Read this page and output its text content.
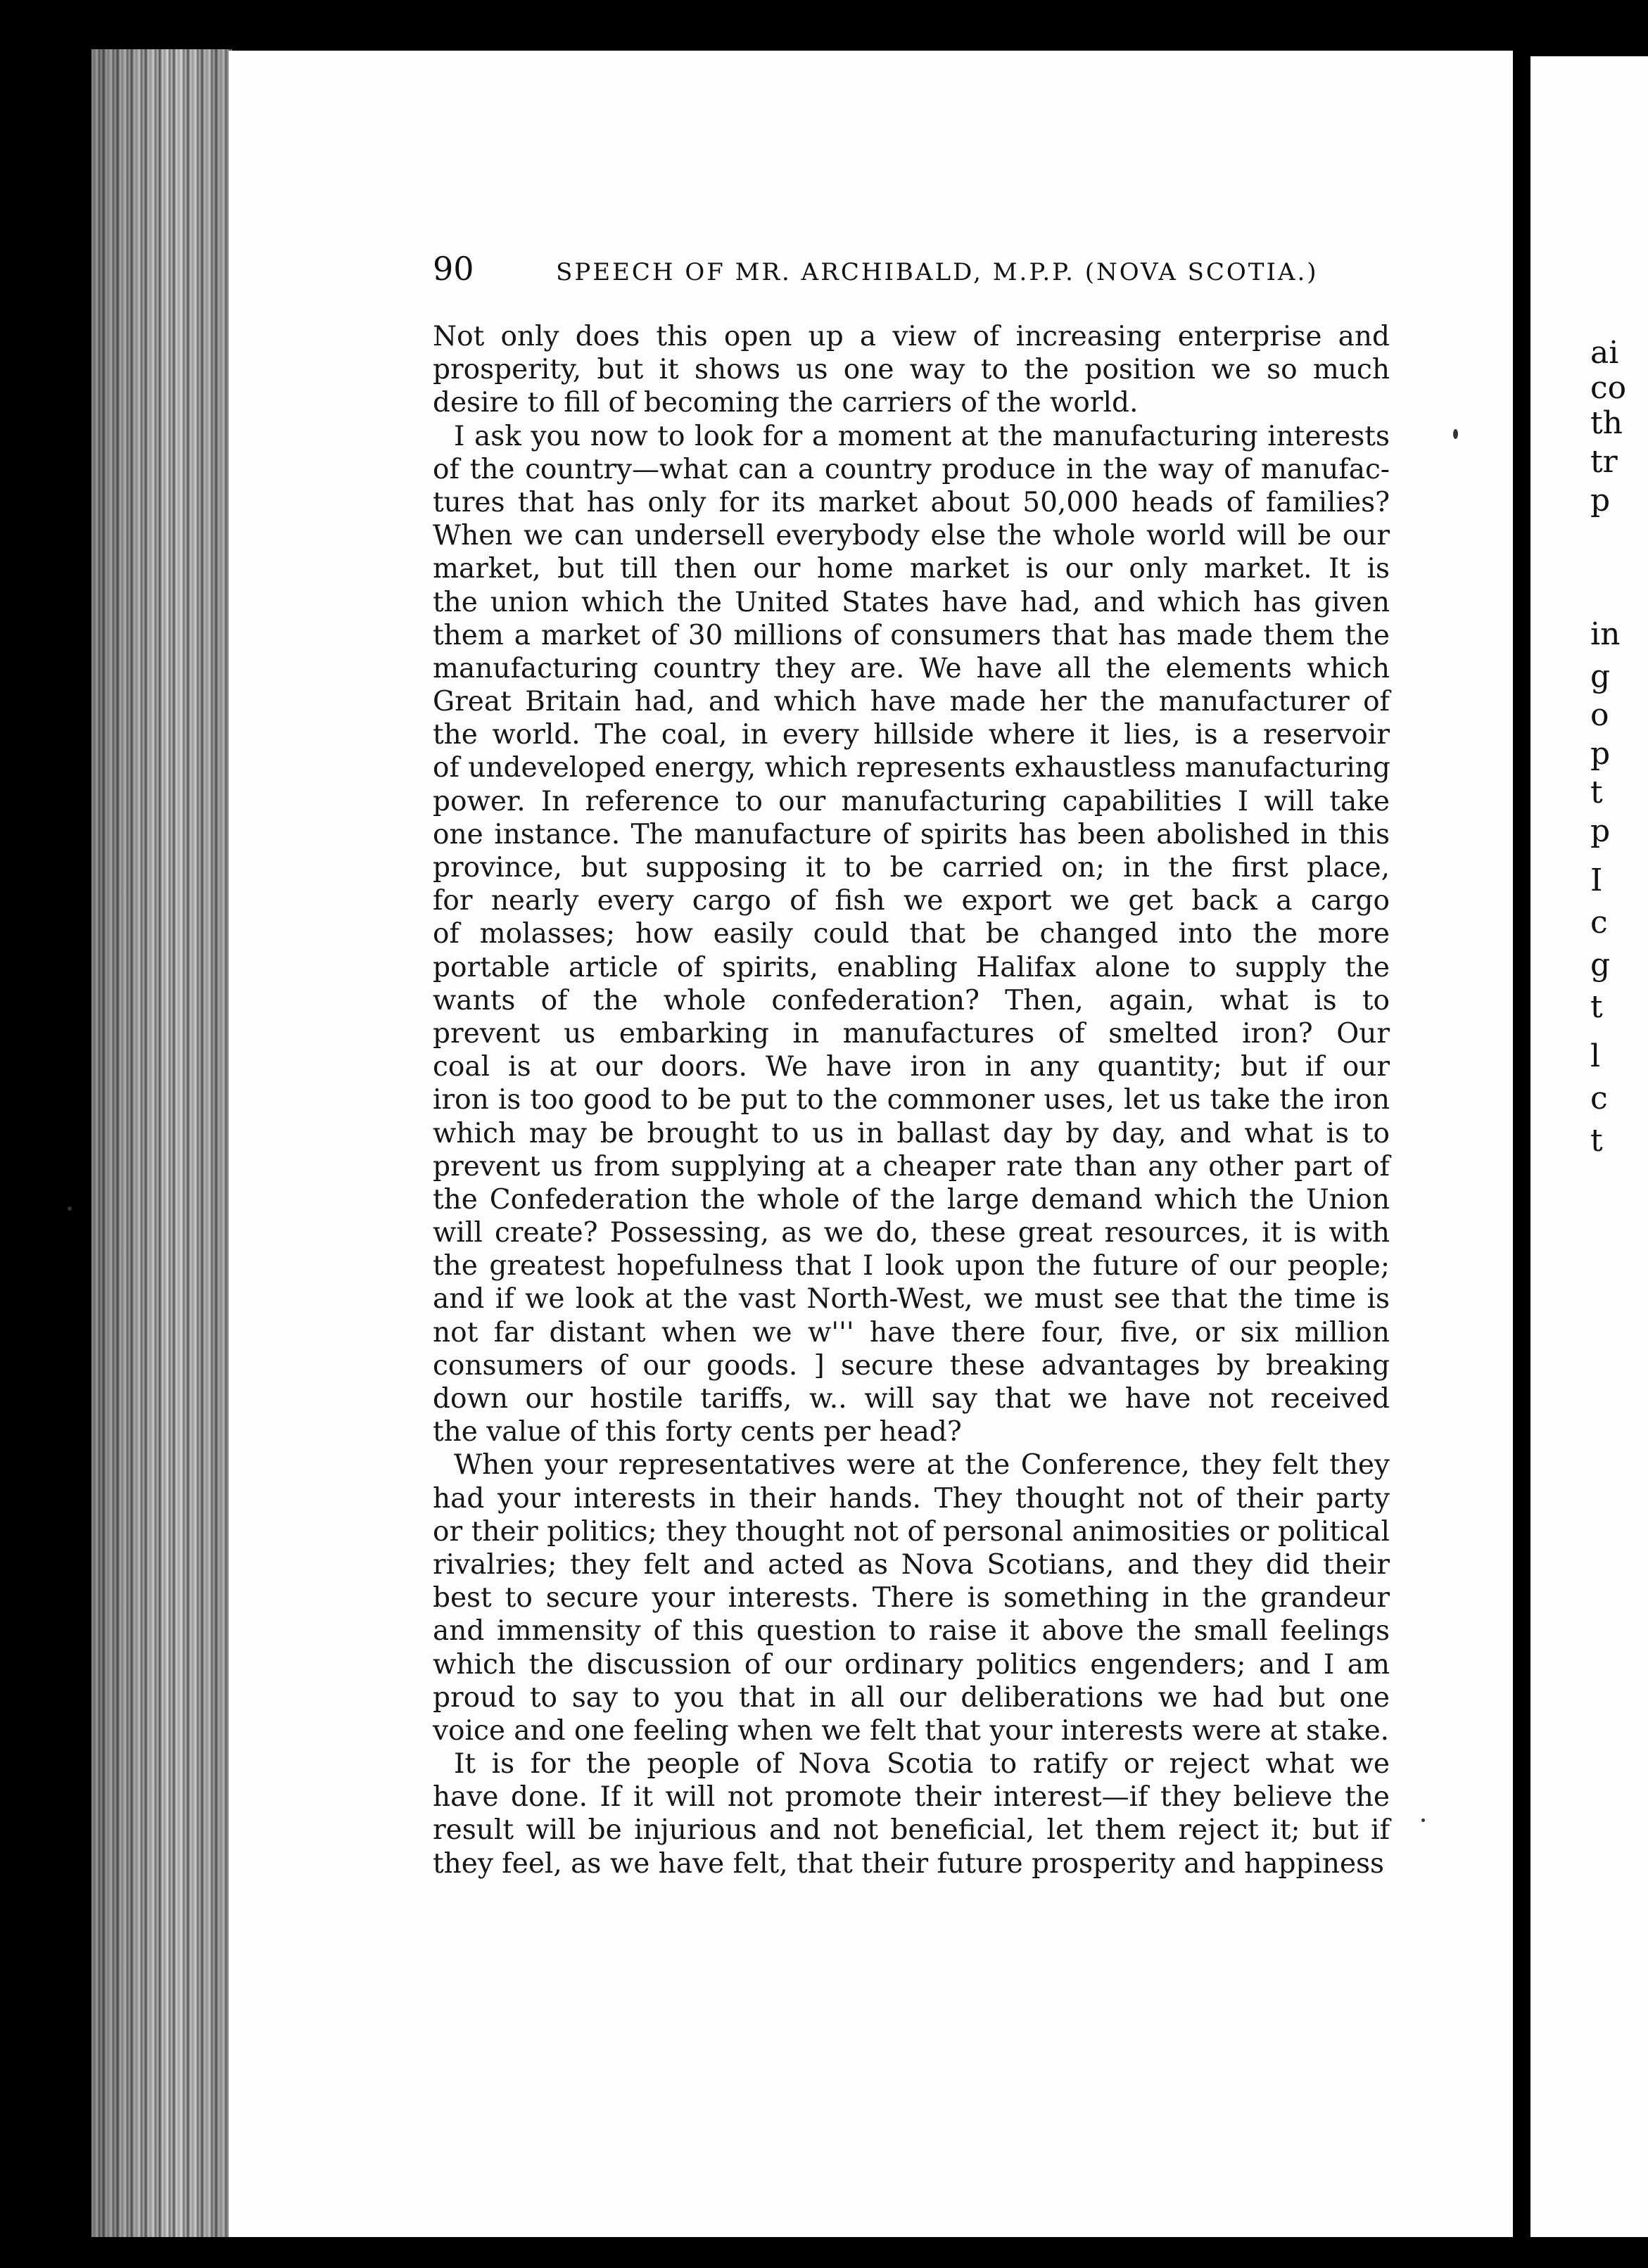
ai
co
th
tr
p
in
g
o
p
t
p
I
c
g
t
l
c
t
90	SPEECH OF MR. ARCHIBALD, M.P.P. (NOVA SCOTIA.)
Not only does this open up a view of increasing enterprise and
prosperity, but it shows us one way to the position we so much
desire to fill of becoming the carriers of the world.
I ask you now to look for a moment at the manufacturing interests
of the country—what can a country produce in the way of manufac-
tures that has only for its market about 50,000 heads of families?
When we can undersell everybody else the whole world will be our
market, but till then our home market is our only market. It is
the union which the United States have had, and which has given
them a market of 30 millions of consumers that has made them the
manufacturing country they are. We have all the elements which
Great Britain had, and which have made her the manufacturer of
the world. The coal, in every hillside where it lies, is a reservoir
of undeveloped energy, which represents exhaustless manufacturing
power. In reference to our manufacturing capabilities I will take
one instance. The manufacture of spirits has been abolished in this
province, but supposing it to be carried on; in the first place,
for nearly every cargo of fish we export we get back a cargo
of molasses; how easily could that be changed into the more
portable article of spirits, enabling Halifax alone to supply the
wants of the whole confederation? Then, again, what is to
prevent us embarking in manufactures of smelted iron? Our
coal is at our doors. We have iron in any quantity; but if our
iron is too good to be put to the commoner uses, let us take the iron
which may be brought to us in ballast day by day, and what is to
prevent us from supplying at a cheaper rate than any other part of
the Confederation the whole of the large demand which the Union
will create? Possessing, as we do, these great resources, it is with
the greatest hopefulness that I look upon the future of our people;
and if we look at the vast North-West, we must see that the time is
not far distant when we w''' have there four, five, or six million
consumers of our goods. ] secure these advantages by breaking
down our hostile tariffs, w.. will say that we have not received
the value of this forty cents per head?
When your representatives were at the Conference, they felt they
had your interests in their hands. They thought not of their party
or their politics; they thought not of personal animosities or political
rivalries; they felt and acted as Nova Scotians, and they did their
best to secure your interests. There is something in the grandeur
and immensity of this question to raise it above the small feelings
which the discussion of our ordinary politics engenders; and I am
proud to say to you that in all our deliberations we had but one
voice and one feeling when we felt that your interests were at stake.
It is for the people of Nova Scotia to ratify or reject what we
have done. If it will not promote their interest—if they believe the
result will be injurious and not beneficial, let them reject it; but if
they feel, as we have felt, that their future prosperity and happiness
